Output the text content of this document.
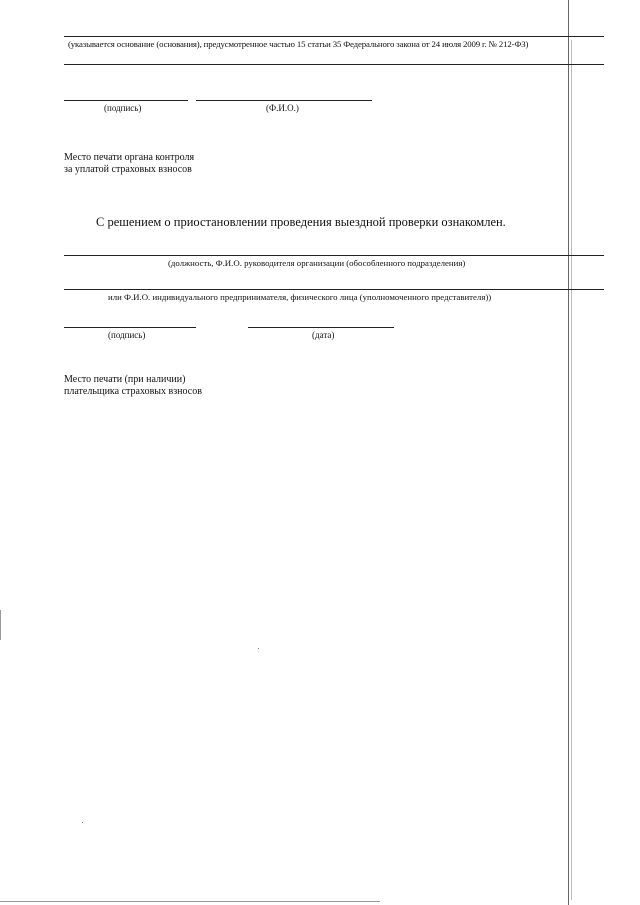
(указывается основание (основания), предусмотренное частью 15 статьи 35 Федерального закона от 24 июля 2009 г. № 212-ФЗ)
(подпись)	(Ф.И.О.)
Место печати органа контроля
за уплатой страховых взносов
С решением о приостановлении проведения выездной проверки ознакомлен.
(должность, Ф.И.О. руководителя организации (обособленного подразделения)
или Ф.И.О. индивидуального предпринимателя, физического лица (уполномоченного представителя))
(подпись)	(дата)
Место печати (при наличии)
плательщика страховых взносов
